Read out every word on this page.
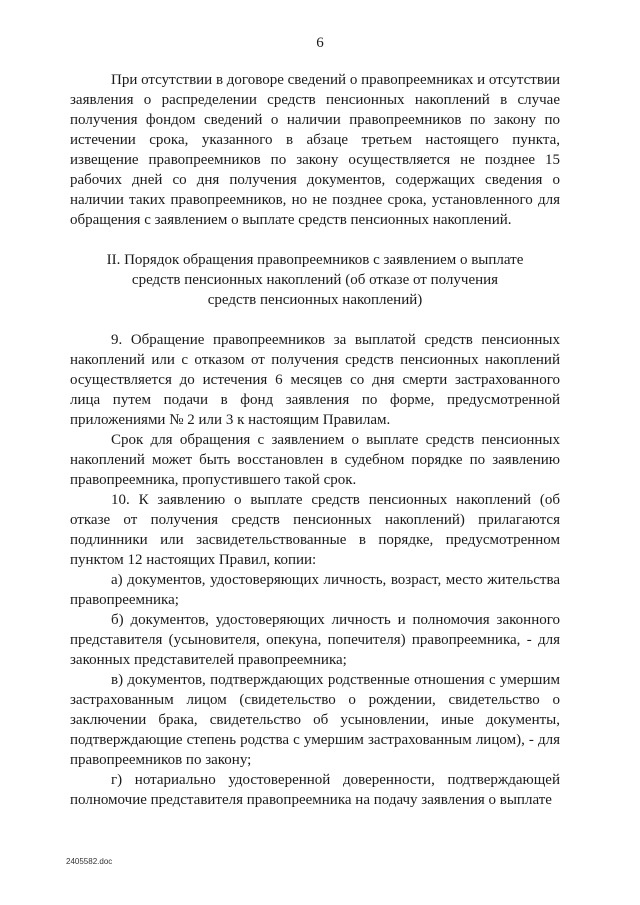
6

При отсутствии в договоре сведений о правопреемниках и отсутствии заявления о распределении средств пенсионных накоплений в случае получения фондом сведений о наличии правопреемников по закону по истечении срока, указанного в абзаце третьем настоящего пункта, извещение правопреемников по закону осуществляется не позднее 15 рабочих дней со дня получения документов, содержащих сведения о наличии таких правопреемников, но не позднее срока, установленного для обращения с заявлением о выплате средств пенсионных накоплений.

II. Порядок обращения правопреемников с заявлением о выплате
средств пенсионных накоплений (об отказе от получения
средств пенсионных накоплений)

9. Обращение правопреемников за выплатой средств пенсионных накоплений или с отказом от получения средств пенсионных накоплений осуществляется до истечения 6 месяцев со дня смерти застрахованного лица путем подачи в фонд заявления по форме, предусмотренной приложениями № 2 или 3 к настоящим Правилам.

Срок для обращения с заявлением о выплате средств пенсионных накоплений может быть восстановлен в судебном порядке по заявлению правопреемника, пропустившего такой срок.

10. К заявлению о выплате средств пенсионных накоплений (об отказе от получения средств пенсионных накоплений) прилагаются подлинники или засвидетельствованные в порядке, предусмотренном пунктом 12 настоящих Правил, копии:

а) документов, удостоверяющих личность, возраст, место жительства правопреемника;

б) документов, удостоверяющих личность и полномочия законного представителя (усыновителя, опекуна, попечителя) правопреемника, - для законных представителей правопреемника;

в) документов, подтверждающих родственные отношения с умершим застрахованным лицом (свидетельство о рождении, свидетельство о заключении брака, свидетельство об усыновлении, иные документы, подтверждающие степень родства с умершим застрахованным лицом), - для правопреемников по закону;

г) нотариально удостоверенной доверенности, подтверждающей полномочие представителя правопреемника на подачу заявления о выплате

2405582.doc
